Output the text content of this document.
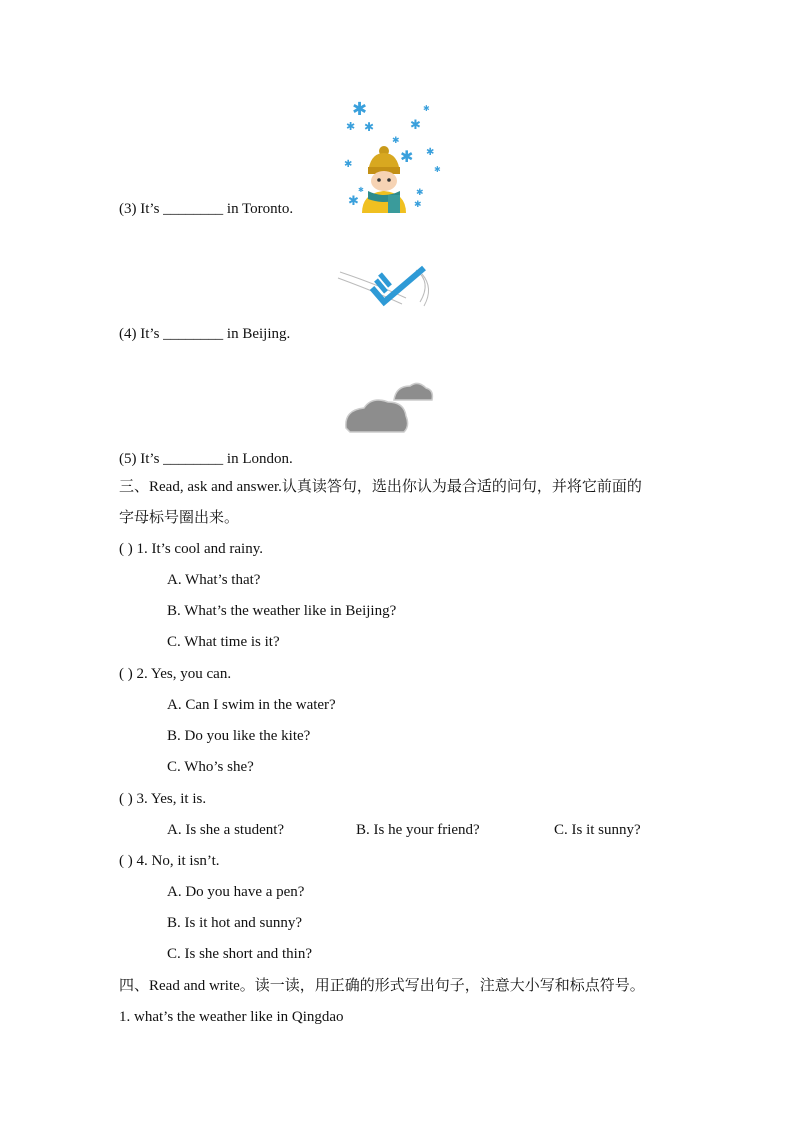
✱
✱ ✱	✱
✱
✱
✱ ✱
✱	✱
✱
✱
✱
✱
(3) It’s ________ in Toronto.
(4) It’s ________ in Beijing.
(5) It’s ________ in London.
三、Read, ask and answer.认真读答句，选出你认为最合适的问句，并将它前面的
字母标号圈出来。
( ) 1. It’s cool and rainy.
A. What’s that?
B. What’s the weather like in Beijing?
C. What time is it?
( ) 2. Yes, you can.
A. Can I swim in the water?
B. Do you like the kite?
C. Who’s she?
( ) 3. Yes, it is.
A. Is she a student?	B. Is he your friend?	C. Is it sunny?
( ) 4. No, it isn’t.
A. Do you have a pen?
B. Is it hot and sunny?
C. Is she short and thin?
四、Read and write。读一读，用正确的形式写出句子，注意大小写和标点符号。
1. what’s the weather like in Qingdao
